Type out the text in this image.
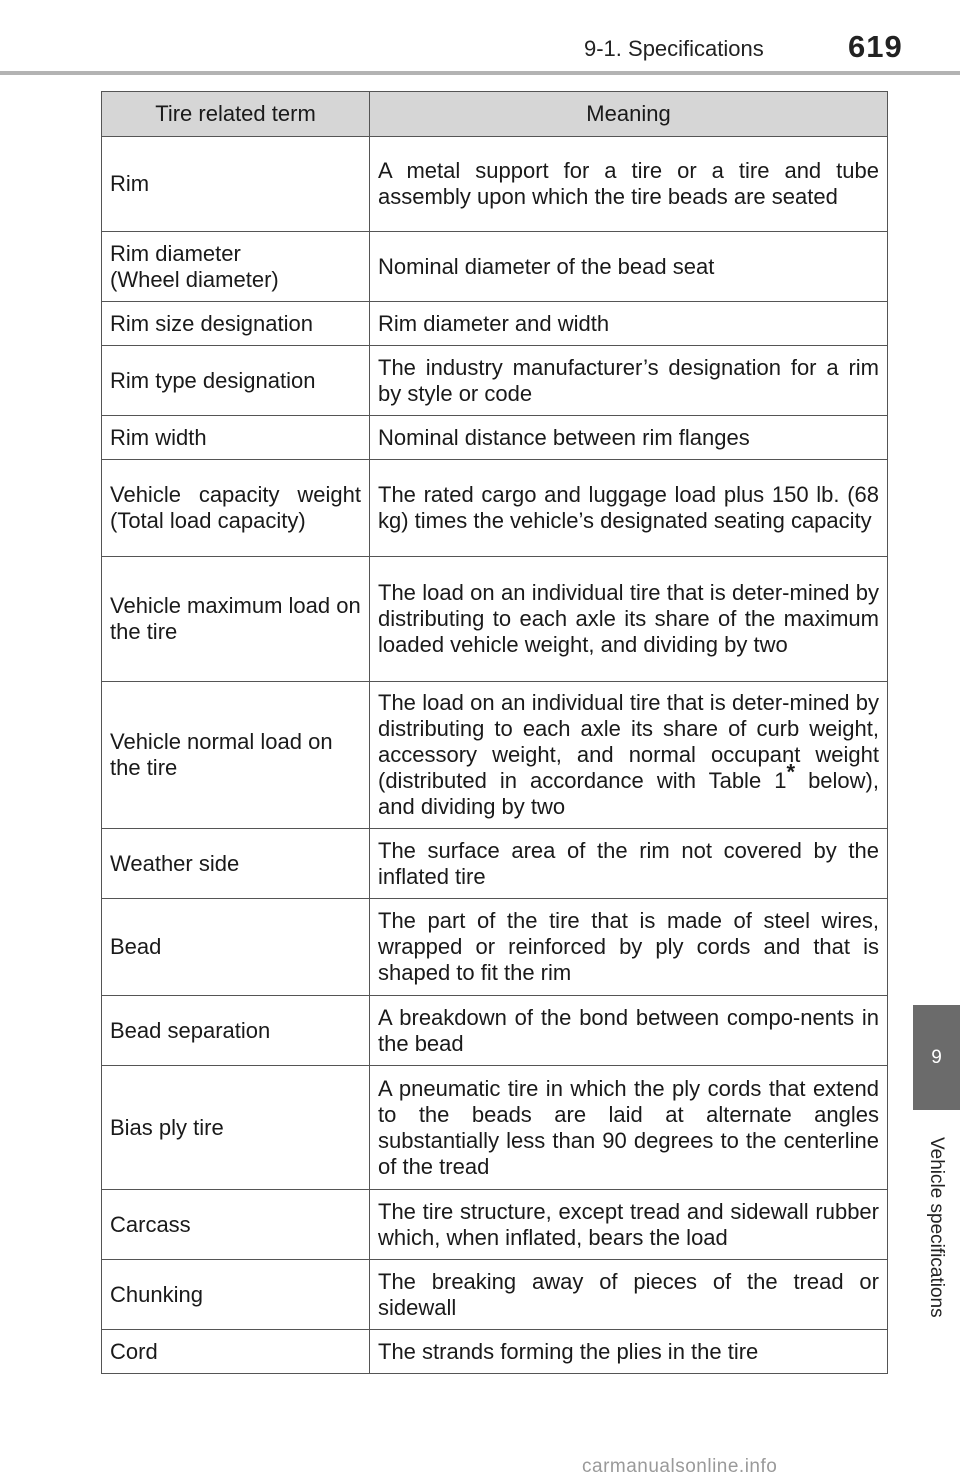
9-1. Specifications	619
9
Vehicle specifications
Tire related term	Meaning
Rim	A metal support for a tire or a tire and tube assembly upon which the tire beads are seated
Rim diameter
(Wheel diameter)	Nominal diameter of the bead seat
Rim size designation	Rim diameter and width
Rim type designation	The industry manufacturer’s designation for a rim by style or code
Rim width	Nominal distance between rim flanges
Vehicle capacity weight (Total load capacity)	The rated cargo and luggage load plus 150 lb. (68 kg) times the vehicle’s designated seating capacity
Vehicle maximum load on the tire	The load on an individual tire that is deter-mined by distributing to each axle its share of the maximum loaded vehicle weight, and dividing by two
Vehicle normal load on the tire	The load on an individual tire that is deter-mined by distributing to each axle its share of curb weight, accessory weight, and normal occupant weight (distributed in accordance with Table 1* below), and dividing by two
Weather side	The surface area of the rim not covered by the inflated tire
Bead	The part of the tire that is made of steel wires, wrapped or reinforced by ply cords and that is shaped to fit the rim
Bead separation	A breakdown of the bond between compo-nents in the bead
Bias ply tire	A pneumatic tire in which the ply cords that extend to the beads are laid at alternate angles substantially less than 90 degrees to the centerline of the tread
Carcass	The tire structure, except tread and sidewall rubber which, when inflated, bears the load
Chunking	The breaking away of pieces of the tread or sidewall
Cord	The strands forming the plies in the tire
carmanualsonline.info
